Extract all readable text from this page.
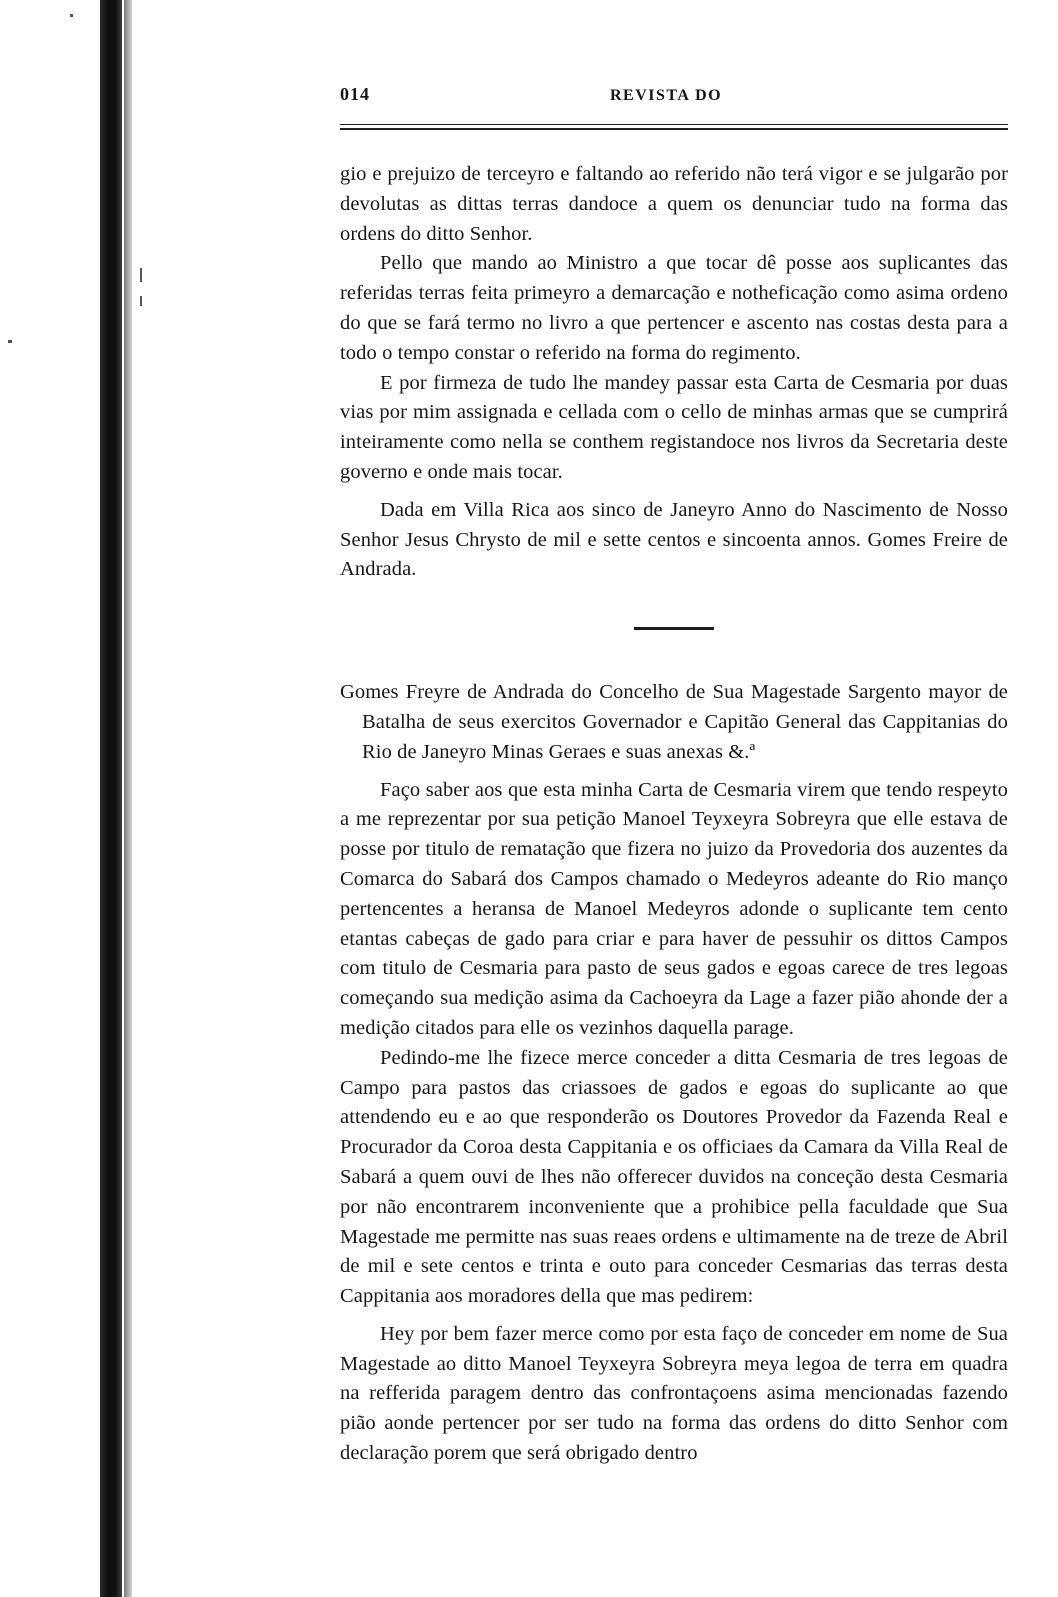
014	REVISTA DO

gio e prejuizo de terceyro e faltando ao referido não terá vigor e se julgarão por devolutas as dittas terras dandoce a quem os denunciar tudo na forma das ordens do ditto Senhor.

Pello que mando ao Ministro a que tocar dê posse aos suplicantes das referidas terras feita primeyro a demarcação e notheficação como asima ordeno do que se fará termo no livro a que pertencer e ascento nas costas desta para a todo o tempo constar o referido na forma do regimento.

E por firmeza de tudo lhe mandey passar esta Carta de Cesmaria por duas vias por mim assignada e cellada com o cello de minhas armas que se cumprirá inteiramente como nella se conthem registandoce nos livros da Secretaria deste governo e onde mais tocar.

Dada em Villa Rica aos sinco de Janeyro Anno do Nascimento de Nosso Senhor Jesus Chrysto de mil e sette centos e sincoenta annos. Gomes Freire de Andrada.

Gomes Freyre de Andrada do Concelho de Sua Magestade Sargento mayor de Batalha de seus exercitos Governador e Capitão General das Cappitanias do Rio de Janeyro Minas Geraes e suas anexas &.ª

Faço saber aos que esta minha Carta de Cesmaria virem que tendo respeyto a me reprezentar por sua petição Manoel Teyxeyra Sobreyra que elle estava de posse por titulo de rematação que fizera no juizo da Provedoria dos auzentes da Comarca do Sabará dos Campos chamado o Medeyros adeante do Rio manço pertencentes a heransa de Manoel Medeyros adonde o suplicante tem cento etantas cabeças de gado para criar e para haver de pessuhir os dittos Campos com titulo de Cesmaria para pasto de seus gados e egoas carece de tres legoas começando sua medição asima da Cachoeyra da Lage a fazer pião ahonde der a medição citados para elle os vezinhos daquella parage.

Pedindo-me lhe fizece merce conceder a ditta Cesmaria de tres legoas de Campo para pastos das criassoes de gados e egoas do suplicante ao que attendendo eu e ao que responderão os Doutores Provedor da Fazenda Real e Procurador da Coroa desta Cappitania e os officiaes da Camara da Villa Real de Sabará a quem ouvi de lhes não offerecer duvidos na conceção desta Cesmaria por não encontrarem inconveniente que a prohibice pella faculdade que Sua Magestade me permitte nas suas reaes ordens e ultimamente na de treze de Abril de mil e sete centos e trinta e outo para conceder Cesmarias das terras desta Cappitania aos moradores della que mas pedirem:

Hey por bem fazer merce como por esta faço de conceder em nome de Sua Magestade ao ditto Manoel Teyxeyra Sobreyra meya legoa de terra em quadra na refferida paragem dentro das confrontaçoens asima mencionadas fazendo pião aonde pertencer por ser tudo na forma das ordens do ditto Senhor com declaração porem que será obrigado dentro
